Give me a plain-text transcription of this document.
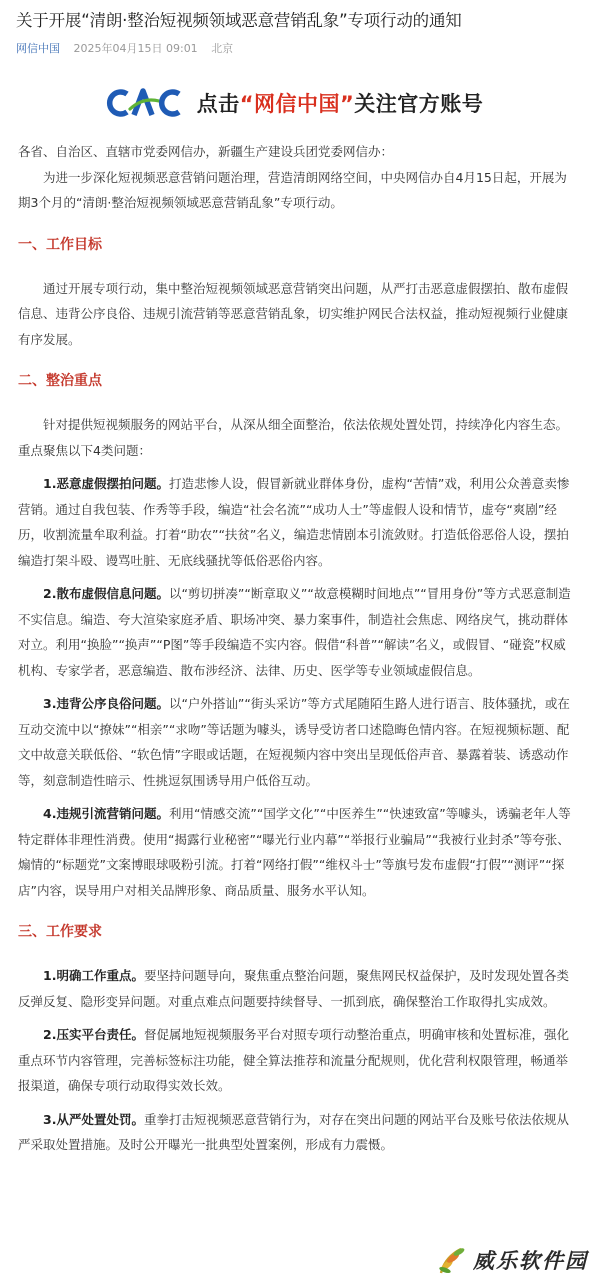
关于开展“清朗·整治短视频领域恶意营销乱象”专项行动的通知
网信中国 2025年04月15日 09:01 北京
点击“网信中国”关注官方账号

各省、自治区、直辖市党委网信办，新疆生产建设兵团党委网信办：

为进一步深化短视频恶意营销问题治理，营造清朗网络空间，中央网信办自4月15日起，开展为期3个月的“清朗·整治短视频领域恶意营销乱象”专项行动。

一、工作目标

通过开展专项行动，集中整治短视频领域恶意营销突出问题，从严打击恶意虚假摆拍、散布虚假信息、违背公序良俗、违规引流营销等恶意营销乱象，切实维护网民合法权益，推动短视频行业健康有序发展。

二、整治重点

针对提供短视频服务的网站平台，从深从细全面整治，依法依规处置处罚，持续净化内容生态。重点聚焦以下4类问题：

1.恶意虚假摆拍问题。打造悲惨人设，假冒新就业群体身份，虚构“苦情”戏，利用公众善意卖惨营销。通过自我包装、作秀等手段，编造“社会名流”“成功人士”等虚假人设和情节，虚夸“爽剧”经历，收割流量牟取利益。打着“助农”“扶贫”名义，编造悲情剧本引流敛财。打造低俗恶俗人设，摆拍编造打架斗殴、谩骂吐脏、无底线骚扰等低俗恶俗内容。

2.散布虚假信息问题。以“剪切拼凑”“断章取义”“故意模糊时间地点”“冒用身份”等方式恶意制造不实信息。编造、夸大渲染家庭矛盾、职场冲突、暴力案事件，制造社会焦虑、网络戾气，挑动群体对立。利用“换脸”“换声”“P图”等手段编造不实内容。假借“科普”“解读”名义，或假冒、“碰瓷”权威机构、专家学者，恶意编造、散布涉经济、法律、历史、医学等专业领域虚假信息。

3.违背公序良俗问题。以“户外搭讪”“街头采访”等方式尾随陌生路人进行语言、肢体骚扰，或在互动交流中以“撩妹”“相亲”“求吻”等话题为噱头，诱导受访者口述隐晦色情内容。在短视频标题、配文中故意关联低俗、“软色情”字眼或话题，在短视频内容中突出呈现低俗声音、暴露着装、诱惑动作等，刻意制造性暗示、性挑逗氛围诱导用户低俗互动。

4.违规引流营销问题。利用“情感交流”“国学文化”“中医养生”“快速致富”等噱头，诱骗老年人等特定群体非理性消费。使用“揭露行业秘密”“曝光行业内幕”“举报行业骗局”“我被行业封杀”等夸张、煽情的“标题党”文案博眼球吸粉引流。打着“网络打假”“维权斗士”等旗号发布虚假“打假”“测评”“探店”内容，误导用户对相关品牌形象、商品质量、服务水平认知。

三、工作要求

1.明确工作重点。要坚持问题导向，聚焦重点整治问题，聚焦网民权益保护，及时发现处置各类反弹反复、隐形变异问题。对重点难点问题要持续督导、一抓到底，确保整治工作取得扎实成效。

2.压实平台责任。督促属地短视频服务平台对照专项行动整治重点，明确审核和处置标准，强化重点环节内容管理，完善标签标注功能，健全算法推荐和流量分配规则，优化营利权限管理，畅通举报渠道，确保专项行动取得实效长效。

3.从严处置处罚。重拳打击短视频恶意营销行为，对存在突出问题的网站平台及账号依法依规从严采取处置措施。及时公开曝光一批典型处置案例，形成有力震慑。

威乐软件园
